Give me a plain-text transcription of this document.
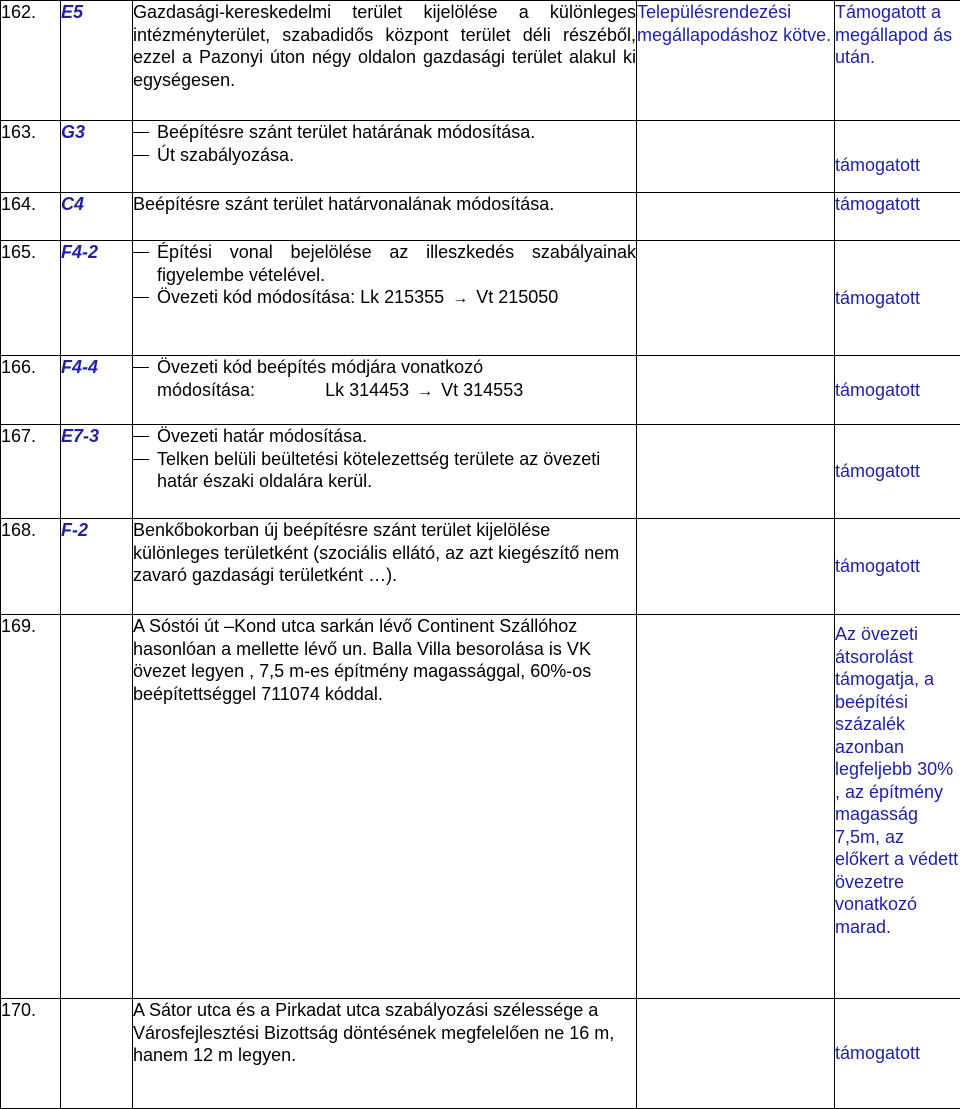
162.	E5	Gazdasági-kereskedelmi terület kijelölése a különleges intézményterület, szabadidős központ terület déli részéből, ezzel a Pazonyi úton négy oldalon gazdasági terület alakul ki egységesen.	Településrendezési megállapodáshoz kötve.	Támogatott a megállapod ás után.
163.	G3	Beépítésre szánt terület határának módosítása.
Út szabályozása.		támogatott
164.	C4	Beépítésre szánt terület határvonalának módosítása.		támogatott
165.	F4-2	Építési vonal bejelölése az illeszkedés szabályainak figyelembe vételével.
Övezeti kód módosítása: Lk 215355 → Vt 215050		támogatott
166.	F4-4	Övezeti kód beépítés módjára vonatkozó
módosítása: Lk 314453 → Vt 314553		támogatott
167.	E7-3	Övezeti határ módosítása.
Telken belüli beültetési kötelezettség területe az övezeti határ északi oldalára kerül.		támogatott
168.	F-2	Benkőbokorban új beépítésre szánt terület kijelölése különleges területként (szociális ellátó, az azt kiegészítő nem zavaró gazdasági területként …).		támogatott
169.		A Sóstói út –Kond utca sarkán lévő Continent Szállóhoz hasonlóan a mellette lévő un. Balla Villa besorolása is VK övezet legyen , 7,5 m-es építmény magassággal, 60%-os beépítettséggel 711074 kóddal.		Az övezeti átsorolást támogatja, a beépítési százalék azonban legfeljebb 30% , az építmény magasság 7,5m, az előkert a védett övezetre vonatkozó marad.
170.		A Sátor utca és a Pirkadat utca szabályozási szélessége a Városfejlesztési Bizottság döntésének megfelelően ne 16 m, hanem 12 m legyen.		támogatott
